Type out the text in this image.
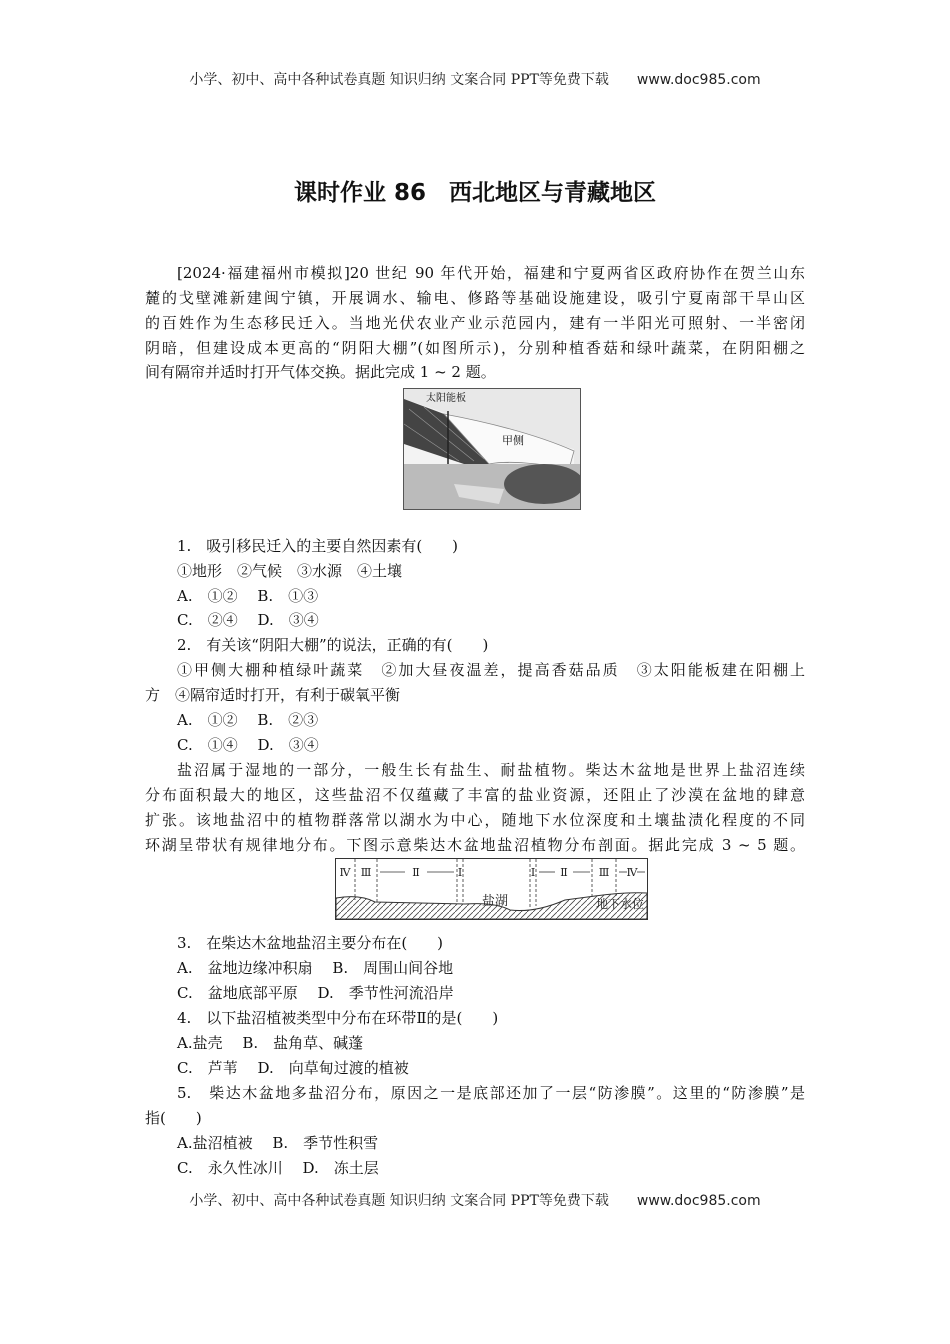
小学、初中、高中各种试卷真题 知识归纳 文案合同 PPT等免费下载 www.doc985.com
课时作业 86　西北地区与青藏地区
[2024·福建福州市模拟]20 世纪 90 年代开始，福建和宁夏两省区政府协作在贺兰山东
麓的戈壁滩新建闽宁镇，开展调水、输电、修路等基础设施建设，吸引宁夏南部干旱山区
的百姓作为生态移民迁入。当地光伏农业产业示范园内，建有一半阳光可照射、一半密闭
阴暗，但建设成本更高的“阴阳大棚”(如图所示)，分别种植香菇和绿叶蔬菜，在阴阳棚之
间有隔帘并适时打开气体交换。据此完成 1 ~ 2 题。
太阳能板
甲侧
1.　吸引移民迁入的主要自然因素有(　　)
①地形　②气候　③水源　④土壤
A.　①②　 B.　①③
C.　②④　 D.　③④
2.　有关该“阴阳大棚”的说法，正确的有(　　)
①甲侧大棚种植绿叶蔬菜　②加大昼夜温差，提高香菇品质　③太阳能板建在阳棚上
方　④隔帘适时打开，有利于碳氧平衡
A.　①②　 B.　②③
C.　①④　 D.　③④
盐沼属于湿地的一部分，一般生长有盐生、耐盐植物。柴达木盆地是世界上盐沼连续
分布面积最大的地区，这些盐沼不仅蕴藏了丰富的盐业资源，还阻止了沙漠在盆地的肆意
扩张。该地盐沼中的植物群落常以湖水为中心，随地下水位深度和土壤盐渍化程度的不同
环湖呈带状有规律地分布。下图示意柴达木盆地盐沼植物分布剖面。据此完成 3 ~ 5 题。
Ⅳ Ⅲ	Ⅱ	Ⅰ	Ⅰ Ⅱ	Ⅲ Ⅳ
盐湖	地下水位
3.　在柴达木盆地盐沼主要分布在(　　)
A.　盆地边缘冲积扇　 B.　周围山间谷地
C.　盆地底部平原　 D.　季节性河流沿岸
4.　以下盐沼植被类型中分布在环带Ⅱ的是(　　)
A.盐壳　 B.　盐角草、碱蓬
C.　芦苇　 D.　向草甸过渡的植被
5.　柴达木盆地多盐沼分布，原因之一是底部还加了一层“防渗膜”。这里的“防渗膜”是
指(　　)
A.盐沼植被　 B.　季节性积雪
C.　永久性冰川　 D.　冻土层
小学、初中、高中各种试卷真题 知识归纳 文案合同 PPT等免费下载 www.doc985.com
